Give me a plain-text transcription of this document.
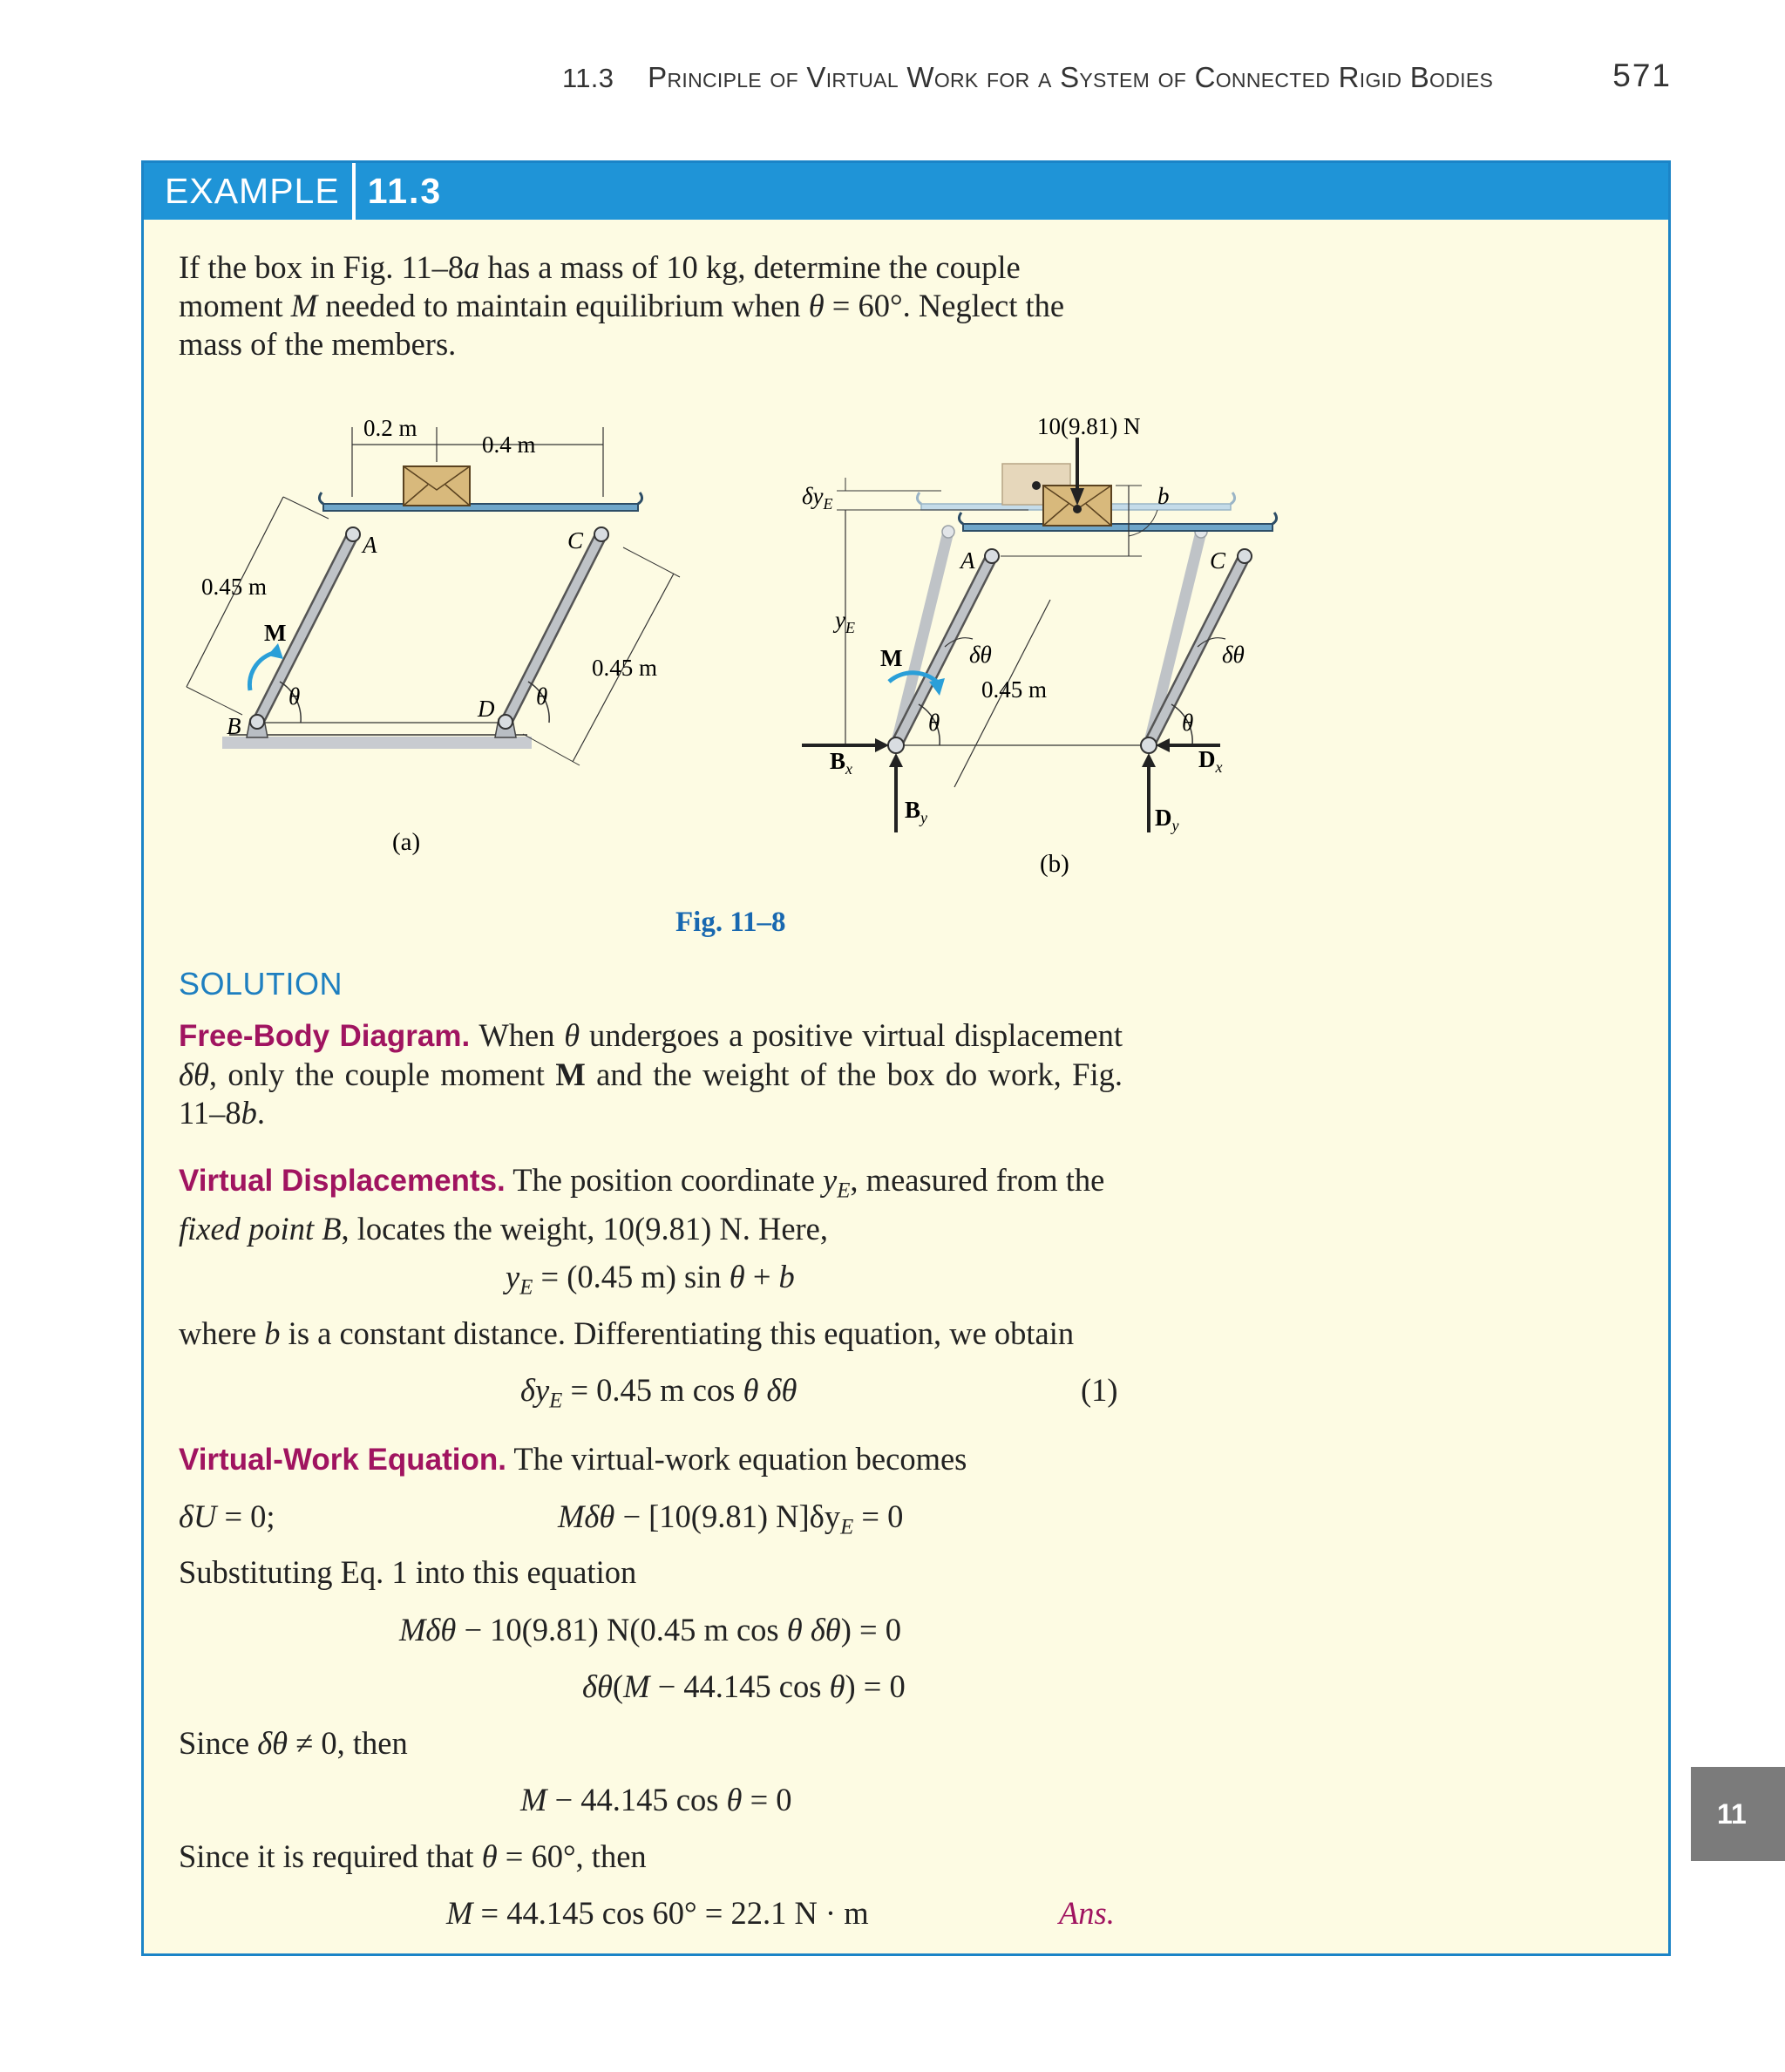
11.3 Principle of Virtual Work for a System of Connected Rigid Bodies	571
11
EXAMPLE 11.3
If the box in Fig. 11–8a has a mass of 10 kg, determine the couple moment M needed to maintain equilibrium when θ = 60°. Neglect the mass of the members.
0.2 m
0.4 m
0.45 m
0.45 m
A	C
B
D
M
θ	θ
(a)
10(9.81) N
$\delta y_E$
$y_E$
b
A	C
M	δθ	δθ
0.45 m
θ	θ
$B_x$
$B_y$
$D_x$
$D_y$
(b)
Fig. 11–8
SOLUTION
Free-Body Diagram. When θ undergoes a positive virtual displacement δθ, only the couple moment M and the weight of the box do work, Fig. 11–8b.
Virtual Displacements. The position coordinate $y_E$, measured from the fixed point B, locates the weight, 10(9.81) N. Here,
$y_E = (0.45$ m) sin θ + b
where b is a constant distance. Differentiating this equation, we obtain
$\delta y_E = 0.45$ m cos θ δθ	(1)
Virtual-Work Equation. The virtual-work equation becomes
δU = 0;	Mδθ − [10(9.81) $N]\delta y_E = 0$
Substituting Eq. 1 into this equation
Mδθ − 10(9.81) N(0.45 m cos θ δθ) = 0
δθ(M − 44.145 cos θ) = 0
Since δθ ≠ 0, then
M − 44.145 cos θ = 0
Since it is required that θ = 60°, then
M = 44.145 cos 60° = 22.1 N · m	Ans.
